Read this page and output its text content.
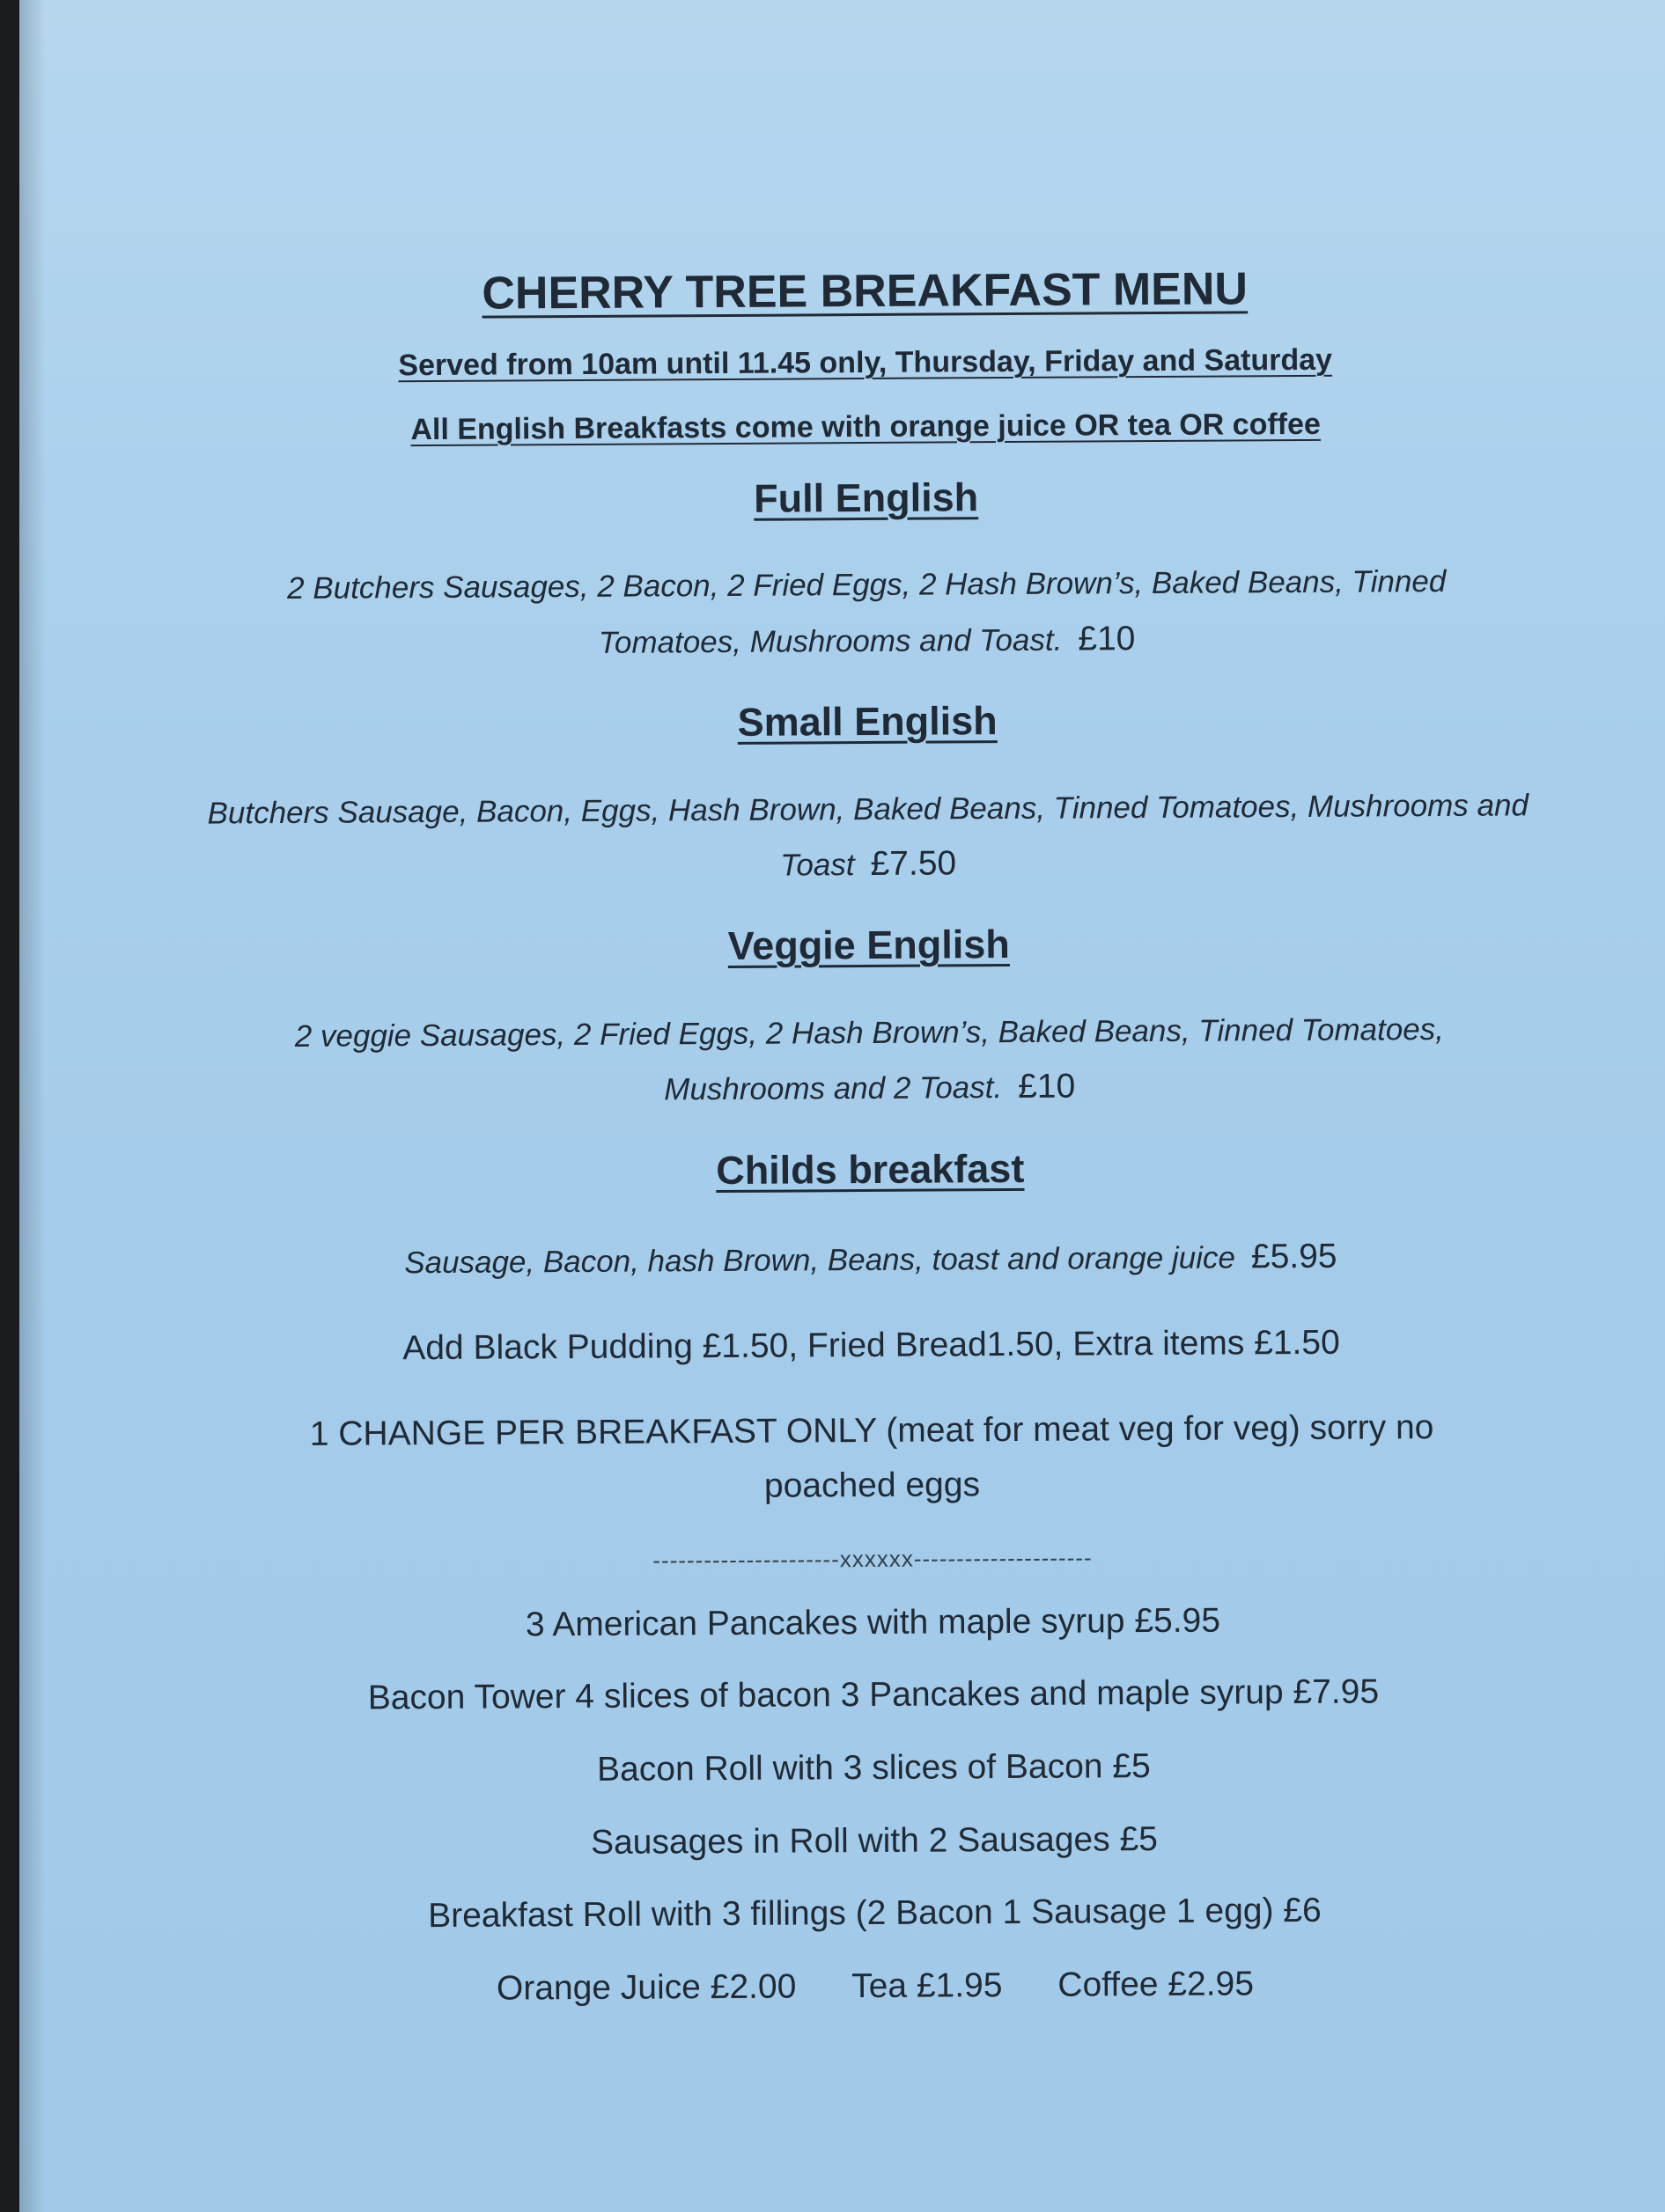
CHERRY TREE BREAKFAST MENU

Served from 10am until 11.45 only, Thursday, Friday and Saturday

All English Breakfasts come with orange juice OR tea OR coffee

Full English

2 Butchers Sausages, 2 Bacon, 2 Fried Eggs, 2 Hash Brown’s, Baked Beans, Tinned Tomatoes, Mushrooms and Toast. £10

Small English

Butchers Sausage, Bacon, Eggs, Hash Brown, Baked Beans, Tinned Tomatoes, Mushrooms and Toast £7.50

Veggie English

2 veggie Sausages, 2 Fried Eggs, 2 Hash Brown’s, Baked Beans, Tinned Tomatoes, Mushrooms and 2 Toast. £10

Childs breakfast

Sausage, Bacon, hash Brown, Beans, toast and orange juice £5.95

Add Black Pudding £1.50, Fried Bread1.50, Extra items £1.50

1 CHANGE PER BREAKFAST ONLY (meat for meat veg for veg) sorry no poached eggs

----------------------xxxxxx---------------------

3 American Pancakes with maple syrup £5.95

Bacon Tower 4 slices of bacon 3 Pancakes and maple syrup £7.95

Bacon Roll with 3 slices of Bacon £5

Sausages in Roll with 2 Sausages £5

Breakfast Roll with 3 fillings (2 Bacon 1 Sausage 1 egg) £6

Orange Juice £2.00 Tea £1.95 Coffee £2.95
